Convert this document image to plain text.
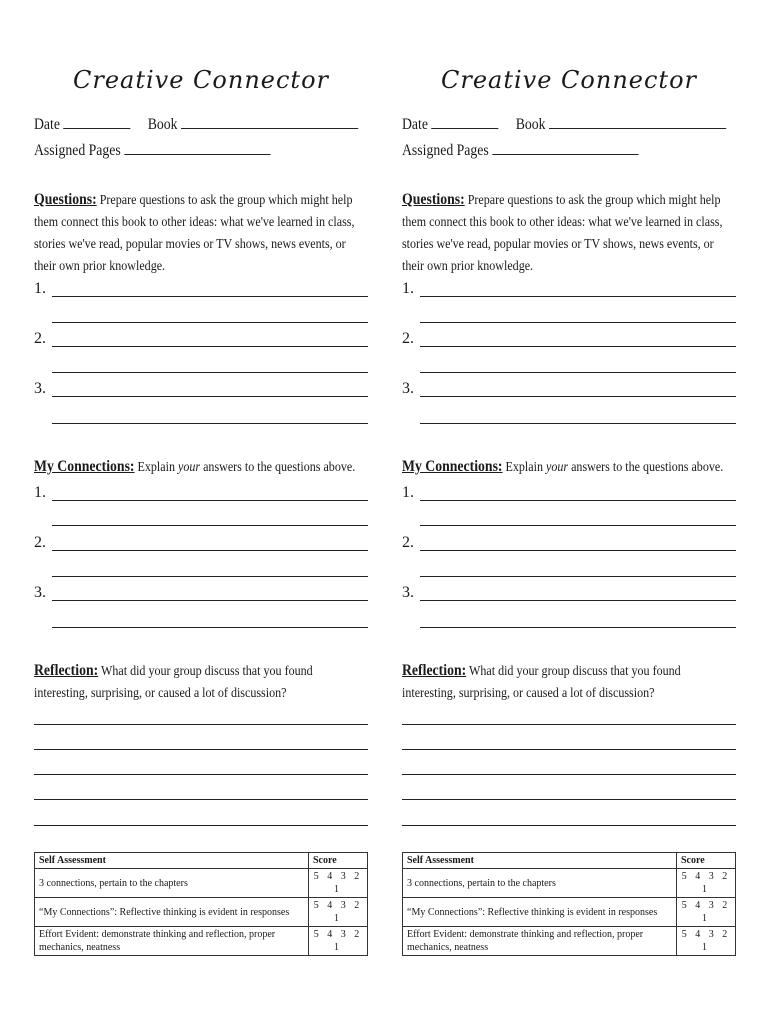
Creative Connector
Date	Book
Assigned Pages
Questions: Prepare questions to ask the group which might help them connect this book to other ideas: what we've learned in class, stories we've read, popular movies or TV shows, news events, or their own prior knowledge.
1.
2.
3.
My Connections: Explain your answers to the questions above.
1.
2.
3.
Reflection: What did your group discuss that you found interesting, surprising, or caused a lot of discussion?
Self Assessment	Score
3 connections, pertain to the chapters	5 4 3 2 1
“My Connections”: Reflective thinking is evident in responses	5 4 3 2 1
Effort Evident: demonstrate thinking and reflection, proper mechanics, neatness	5 4 3 2 1
Creative Connector
Date	Book
Assigned Pages
Questions: Prepare questions to ask the group which might help them connect this book to other ideas: what we've learned in class, stories we've read, popular movies or TV shows, news events, or their own prior knowledge.
1.
2.
3.
My Connections: Explain your answers to the questions above.
1.
2.
3.
Reflection: What did your group discuss that you found interesting, surprising, or caused a lot of discussion?
Self Assessment	Score
3 connections, pertain to the chapters	5 4 3 2 1
“My Connections”: Reflective thinking is evident in responses	5 4 3 2 1
Effort Evident: demonstrate thinking and reflection, proper mechanics, neatness	5 4 3 2 1
